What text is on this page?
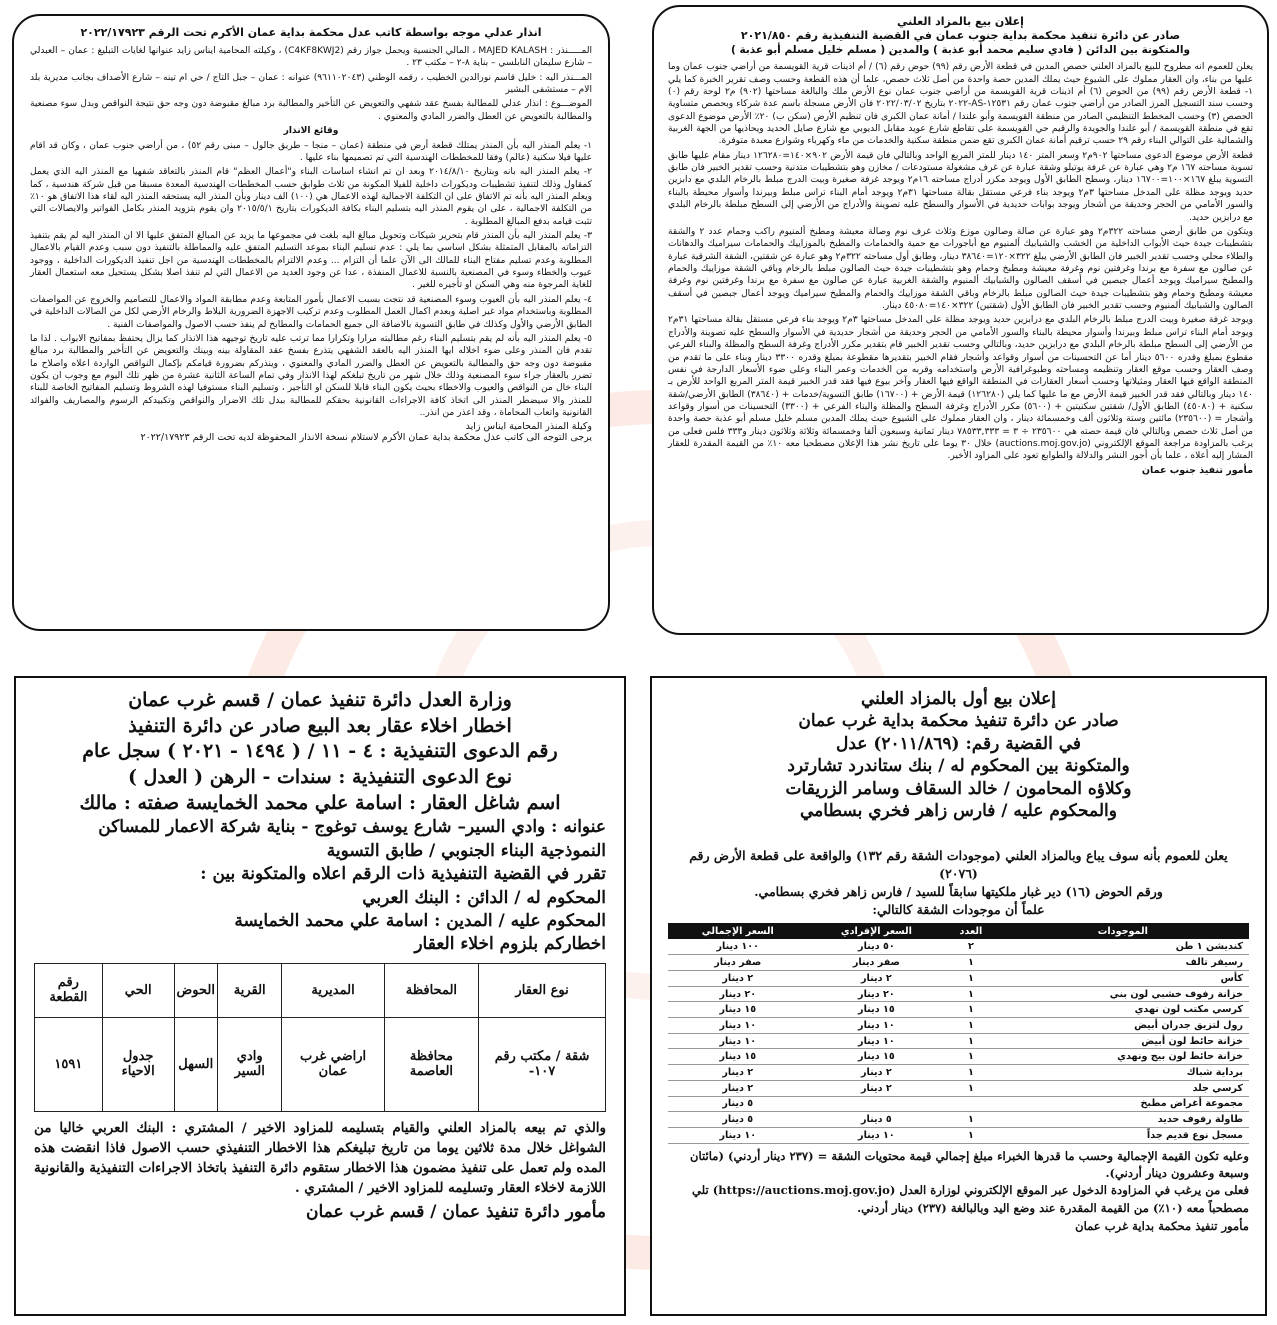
إعلان بيع بالمزاد العلني
صادر عن دائرة تنفيذ محكمة بداية جنوب عمان في القضية التنفيذية رقم ٢٠٢١/٨٥٠
والمتكونة بين الدائن ( فادي سليم محمد أبو عذبة ) والمدين ( مسلم خليل مسلم أبو عذبة )

يعلن للعموم انه مطروح للبيع بالمزاد العلني حصص المدين في قطعة الأرض رقم (٩٩) حوض رقم (٦) / أم اذينات قرية القويسمة من أراضي جنوب عمان وما عليها من بناء، وان العقار مملوك على الشيوع حيث يملك المدين حصة واحدة من أصل ثلاث حصص، علما أن هذه القطعة وحسب وصف تقرير الخبرة كما يلي ١- قطعة الأرض رقم (٩٩) من الحوض (٦) أم اذينات قرية القويسمة من أراضي جنوب عمان نوع الأرض ملك والبالغة مساحتها (٩٠٢) م٢ لوحة رقم (٠) وحسب سند التسجيل المرز الصادر من أراضي جنوب عمان رقم ١٢٥٣١-AS-٢٠٢٢ بتاريخ ٢٠٢٢/٠٣/٠٢ فان الأرض مسجلة باسم عدة شركاء وبحصص متساوية الحصص (٣) وحسب المخطط التنظيمي الصادر من منطقة القويسمة وأبو علندا / أمانة عمان الكبرى فان تنظيم الأرض (سكن ب) ٢٠٪ الأرض موضوع الدعوى تقع في منطقة القويسمة / أبو علندا والجويدة والرقيم حي القويسمة على تقاطع شارع عويد مقابل الديوبي مع شارع صايل الحديد ويحاذيها من الجهة الغربية والشمالية على التوالي البناء رقم ٢٩ حسب ترقيم أمانة عمان الكبرى تقع ضمن منطقة سكنية والخدمات من ماء وكهرباء وشوارع معبدة متوفرة.

قطعة الأرض موضوع الدعوى مساحتها ٩٠٢م٢ وسعر المتر ١٤٠ دينار للمتر المربع الواحد وبالتالي فان قيمة الأرض ٩٠٢×١٤٠=١٢٦٢٨٠ دينار مقام عليها طابق تسوية مساحته ١٦٧ م٢ وهي عبارة عن غرفة يوتيلو وشقة عبارة عن غرف مشغولة مستودعات / مخازن وهو بتشطيبات متدنية وحسب تقدير الخبير فان طابق التسوية يبلغ ١٦٧×١٠٠=١٦٧٠٠ دينار، وسطح الطابق الأول ويوجد مكرر أدراج مساحته ١٦م٢ ويوجد غرفة صغيرة وبيت الدرج مبلط بالرخام البلدي مع دابزين حديد ويوجد مظلة على المدخل مساحتها ٣م٢ ويوجد بناء فرعي مستقل بقالة مساحتها ٣١م٢ ويوجد أمام البناء تراس مبلط وبيرندا وأسوار محيطة بالبناء والسور الأمامي من الحجر وحديقة من أشجار ويوجد بوابات حديدية في الأسوار والسطح عليه تصوينة والأدراج من الأرضي إلى السطح مبلطة بالرخام البلدي مع درابزين حديد.

ويتكون من طابق أرضي مساحته ٣٢٢م٢ وهو عبارة عن صالة وصالون موزع وثلاث غرف نوم وصالة معيشة ومطبخ ألمنيوم راكب وحمام عدد ٢ والشقة بتشطيبات جيدة حيث الأبواب الداخلية من الخشب والشبابيك ألمنيوم مع أباجورات مع حمية والحمامات والمطبخ بالموزاييك والحمامات سيراميك والدهانات والطلاء محلي وحسب تقدير الخبير فان الطابق الأرضي يبلغ ٣٢٢×١٢٠=٣٨٦٤٠ دينار، وطابق أول مساحته ٣٢٢م٢ وهو عبارة عن شقتين، الشقة الشرقية عبارة عن صالون مع سفرة مع برندا وغرفتين نوم وغرفة معيشة ومطبخ وحمام وهو بتشطيبات جيدة حيث الصالون مبلط بالرخام وباقي الشقة موزاييك والحمام والمطبخ سيراميك ويوجد أعمال جبصين في أسقف الصالون والشبابيك ألمنيوم والشقة الغربية عبارة عن صالون مع سفرة مع برندا وغرفتين نوم وغرفة معيشة ومطبخ وحمام وهو بتشطيبات جيدة حيث الصالون مبلط بالرخام وباقي الشقة موزاييك والحمام والمطبخ سيراميك ويوجد أعمال جبصين في أسقف الصالون والشبابيك ألمنيوم وحسب تقدير الخبير فان الطابق الأول (شقتين) ٣٢٢×١٤٠=٤٥٠٨٠ دينار.

ويوجد غرفة صغيرة وبيت الدرج مبلط بالرخام البلدي مع درابزين حديد ويوجد مظلة على المدخل مساحتها ٣م٢ ويوجد بناء فرعي مستقل بقالة مساحتها ٣١م٢ ويوجد أمام البناء تراس مبلط وبيرندا وأسوار محيطة بالبناء والسور الأمامي من الحجر وحديقة من أشجار حديدية في الأسوار والسطح عليه تصوينة والأدراج من الأرضي إلى السطح مبلطة بالرخام البلدي مع درابزين حديد، وبالتالي وحسب تقدير الخبير قام بتقدير مكرر الأدراج وغرفة السطح والمظلة والبناء الفرعي مقطوع بمبلغ وقدره ٥٦٠٠ دينار أما عن التحسينات من أسوار وقواعد وأشجار فقام الخبير بتقديرها مقطوعة بمبلغ وقدره ٣٣٠٠ دينار وبناء على ما تقدم من وصف العقار وحسب موقع العقار وتنظيمه ومساحته وطبوغرافية الأرض واستخدامه وقربه من الخدمات وعمر البناء وعلى ضوء الأسعار الدارجة في نفس المنطقة الواقع فيها العقار ومثيلاتها وحسب أسعار العقارات في المنطقة الواقع فيها العقار وآخر بيوع فيها فقد قدر الخبير قيمة المتر المربع الواحد للأرض بـ ١٤٠ دينار وبالتالي فقد قدر الخبير قيمة الأرض مع ما عليها كما يلي (١٢٦٢٨٠) قيمة الأرض + (١٦٧٠٠) طابق التسوية/خدمات + (٣٨٦٤٠) الطابق الأرضي/شقة سكنية + (٤٥٠٨٠) الطابق الأول/ شقتين سكنيتين + (٥٦٠٠) مكرر الأدراج وغرفة السطح والمظلة والبناء الفرعي + (٣٣٠٠) التحسينات من أسوار وقواعد وأشجار = (٢٣٥٦٠٠) مائتين وستة وثلاثون ألف وخمسمائة دينار ، وان العقار مملوك على الشيوع حيث يملك المدين مسلم خليل مسلم أبو عذبة حصة واحدة من أصل ثلاث حصص وبالتالي فان قيمة حصته هي ٢٣٥٦٠٠ ÷ ٣ = ٧٨٥٣٣,٣٣٣ دينار ثمانية وسبعون ألفا وخمسمائة وثلاثة وثلاثون دينار و٣٣٣ فلس فعلى من يرغب بالمزاودة مراجعة الموقع الإلكتروني (auctions.moj.gov.jo) خلال ٣٠ يوما على تاريخ نشر هذا الإعلان مصطحبا معه ١٠٪ من القيمة المقدرة للعقار المشار إليه أعلاه ، علما بأن أجور النشر والدلالة والطوابع تعود على المزاود الأخير.

مأمور تنفيذ جنوب عمان
انذار عدلي موجه بواسطة كاتب عدل محكمة بداية عمان الأكرم تحت الرقم ٢٠٢٢/١٧٩٢٣

المـــــنذر : MAJED KALASH ، المالي الجنسية ويحمل جواز رقم (C4KF8KWJ2) ، وكيلته المحامية ايناس زايد عنوانها لغايات التبليغ : عمان – العبدلي – شارع سليمان النابلسي – بناية ٨-٢ – مكتب ٢٣ .

المـــنذر اليه : خليل قاسم نورالدين الخطيب ، رقمه الوطني (٩٦١١٠٢٠٤٣) عنوانه : عمان – جبل التاج / حي ام تينه – شارع الأصداف بجانب مديرية بلد الام – مستشفى البشير

الموضـــوع : انذار عدلي للمطالبة بفسخ عقد شفهي والتعويض عن التأخير والمطالبة برد مبالغ مقبوضة دون وجه حق نتيجة النواقص وبدل سوء مصنعية والمطالبة بالتعويض عن العطل والضرر المادي والمعنوي .

وقائع الانذار

١- يعلم المنذر اليه بأن المنذر يمتلك قطعة أرض في منطقة (عمان – منجا – طريق جالول – مبنى رقم ٥٢) ، من أراضي جنوب عمان ، وكان قد اقام عليها فيلا سكنية (عالم) وفقا للمخططات الهندسية التي تم تصميمها بناء عليها .

٢- يعلم المنذر اليه بانه وبتاريخ ٢٠١٤/٨/١٠ وبعد ان تم انشاء اساسات البناء و"أعمال العظم" قام المنذر بالتعاقد شفهيا مع المنذر اليه الذي يعمل كمقاول وذلك لتنفيذ تشطيبات وديكورات داخلية للفيلا المكونة من ثلاث طوابق حسب المخططات الهندسية المعدة مسبقا من قبل شركة هندسية ، كما ويعلم المنذر اليه بأنه تم الاتفاق على ان التكلفة الاجمالية لهذه الاعمال هي (١٠٠) الف دينار وبأن المنذر اليه يستحقه المنذر اليه لقاء هذا الاتفاق هو ١٠٪ من التكلفة الاجمالية ، على ان يقوم المنذر اليه بتسليم البناء بكافة الديكورات بتاريخ ٢٠١٥/٥/١ وان يقوم بتزويد المنذر بكامل الفواتير والايصالات التي تثبت قيامه بدفع المبالغ المطلوبة .

٣- يعلم المنذر اليه بأن المنذر قام بتحرير شيكات وتحويل مبالغ اليه بلغت في مجموعها ما يزيد عن المبالغ المتفق عليها الا ان المنذر اليه لم يقم بتنفيذ التزاماته بالمقابل المتمثلة بشكل اساسي بما يلي : عدم تسليم البناء بموعد التسليم المتفق عليه والمماطلة بالتنفيذ دون سبب وعدم القيام بالاعمال المطلوبة وعدم تسليم مفتاح البناء للمالك الى الآن علما أن التزام ... وعدم الالتزام بالمخططات الهندسية من اجل تنفيذ الديكورات الداخلية ، ووجود عيوب والخطاء وسوء في المصنعية بالنسبة للاعمال المنفذة ، عدا عن وجود العديد من الاعمال التي لم تنفذ اصلا بشكل يستحيل معه استعمال العقار للغاية المرجوة منه وهي السكن او تأجيره للغير .

٤- يعلم المنذر اليه بأن العيوب وسوء المصنعية قد نتجت بسبب الاعمال بأمور المتابعة وعدم مطابقة المواد والاعمال للتصاميم والخروج عن المواصفات المطلوبة وباستخدام مواد غير اصلية وبعدم اكمال العمل المطلوب وعدم تركيب الاجهزة الضرورية البلاط والرخام الأرضي لكل من الصالات الداخلية في الطابق الأرضي والأول وكذلك في طابق التسوية بالاضافة الى جميع الحمامات والمطابخ لم ينفذ حسب الاصول والمواصفات الفنية .

٥- يعلم المنذر اليه بأنه لم يقم بتسليم البناء رغم مطالبته مرارا وتكرارا مما ترتب عليه تاريخ توجيهه هذا الانذار كما يزال يحتفظ بمفاتيح الابواب . لذا ما تقدم فان المنذر وعلى ضوء اخلاله ايها المنذر اليه بالعقد الشفهي يتذرع بفسخ عقد المقاولة بينه وبينك والتعويض عن التأخير والمطالبة برد مبالغ مقبوضة دون وجه حق والمطالبة بالتعويض عن العطل والضرر المادي والمعنوي ، وينذركم بضرورة قيامكم بإكمال النواقص الواردة اعلاه واصلاح ما تضرر بالعقار جراء سوء المصنعية وذلك خلال شهر من تاريخ تبلغكم لهذا الانذار وفي تمام الساعة الثانية عشرة من ظهر تلك اليوم مع وجوب ان يكون البناء خال من النواقص والعيوب والاخطاء بحيث يكون البناء قابلا للسكن او التأجير ، وتسليم البناء مستوفيا لهذه الشروط وتسليم المفاتيح الخاصة للبناء للمنذر والا سيضطر المنذر الى اتخاذ كافة الاجراءات القانونية بحقكم للمطالبة ببدل تلك الاضرار والنواقص وتكبيدكم الرسوم والمصاريف والفوائد القانونية واتعاب المحاماة ، وقد اعذر من انذر..

وكيلة المنذر المحامية ايناس زايد
يرجى التوجه الى كاتب عدل محكمة بداية عمان الأكرم لاستلام نسخة الانذار المحفوظة لديه تحت الرقم ٢٠٢٢/١٧٩٢٣
وزارة العدل دائرة تنفيذ عمان / قسم غرب عمان
اخطار اخلاء عقار بعد البيع صادر عن دائرة التنفيذ
رقم الدعوى التنفيذية : ٤ - ١١ / ( ١٤٩٤ - ٢٠٢١ ) سجل عام
نوع الدعوى التنفيذية : سندات - الرهن ( العدل )
اسم شاغل العقار : اسامة علي محمد الخمايسة صفته : مالك
عنوانه : وادي السير– شارع يوسف توغوج - بناية شركة الاعمار للمساكن
النموذجية البناء الجنوبي / طابق التسوية
تقرر في القضية التنفيذية ذات الرقم اعلاه والمتكونة بين :
المحكوم له / الدائن : البنك العربي
المحكوم عليه / المدين : اسامة علي محمد الخمايسة
اخطاركم بلزوم اخلاء العقار
نوع العقار	المحافظة	المديرية	القرية	الحوض	الحي	رقم القطعة
شقة / مكتب رقم ١٠٧-	محافظة العاصمة	اراضي غرب عمان	وادي السير	السهل	جدول الاحياء	١٥٩١
والذي تم بيعه بالمزاد العلني والقيام بتسليمه للمزاود الاخير / المشتري : البنك العربي خاليا من الشواغل خلال مدة ثلاثين يوما من تاريخ تبليغكم هذا الاخطار التنفيذي حسب الاصول فاذا انقضت هذه المده ولم تعمل على تنفيذ مضمون هذا الاخطار ستقوم دائرة التنفيذ باتخاذ الاجراءات التنفيذية والقانونية اللازمة لاخلاء العقار وتسليمه للمزاود الاخير / المشتري .
مأمور دائرة تنفيذ عمان / قسم غرب عمان
إعلان بيع أول بالمزاد العلني
صادر عن دائرة تنفيذ محكمة بداية غرب عمان
في القضية رقم: (٢٠١١/٨٦٩) عدل
والمتكونة بين المحكوم له / بنك ستاندرد تشارترد
وكلاؤه المحامون / خالد السقاف وسامر الزريقات
والمحكوم عليه / فارس زاهر فخري بسطامي
يعلن للعموم بأنه سوف يباع وبالمزاد العلني (موجودات الشقة رقم ١٣٢) والواقعة على قطعة الأرض رقم (٢٠٧٦)
ورقم الحوض (١٦) دير غبار ملكيتها سابقاً للسيد / فارس زاهر فخري بسطامي.
علماً أن موجودات الشقة كالتالي:
الموجودات	العدد	السعر الإفرادي	السعر الإجمالي
كنديشن ١ طن	٢	٥٠ دينار	١٠٠ دينار
رسيفر تالف	١	صفر دينار	صفر دينار
كأس	١	٢ دينار	٢ دينار
خزانة رفوف خشبي لون بني	١	٢٠ دينار	٢٠ دينار
كرسي مكتب لون نهدي	١	١٥ دينار	١٥ دينار
رول لتزيق جدران أبيض	١	١٠ دينار	١٠ دينار
خزانة حائط لون أبيض	١	١٠ دينار	١٠ دينار
خزانة حائط لون بيج ونهدي	١	١٥ دينار	١٥ دينار
برداية شباك	١	٢ دينار	٢ دينار
كرسي جلد	١	٢ دينار	٢ دينار
مجموعة أغراض مطبخ			٥ دينار
طاولة رفوف حديد	١	٥ دينار	٥ دينار
مسجل نوع قديم جداً	١	١٠ دينار	١٠ دينار
وعليه تكون القيمة الإجمالية وحسب ما قدرها الخبراء مبلغ إجمالي قيمة محتويات الشقة = (٢٣٧ دينار أردني) (مائتان وسبعة وعشرون دينار أردني).
فعلى من يرغب في المزاودة الدخول عبر الموقع الإلكتروني لوزارة العدل (https://auctions.moj.gov.jo) تلي مصطحباً معه (١٠٪) من القيمة المقدرة عند وضع اليد وبالبالغة (٢٣٧) دينار أردني.
مأمور تنفيذ محكمة بداية غرب عمان
